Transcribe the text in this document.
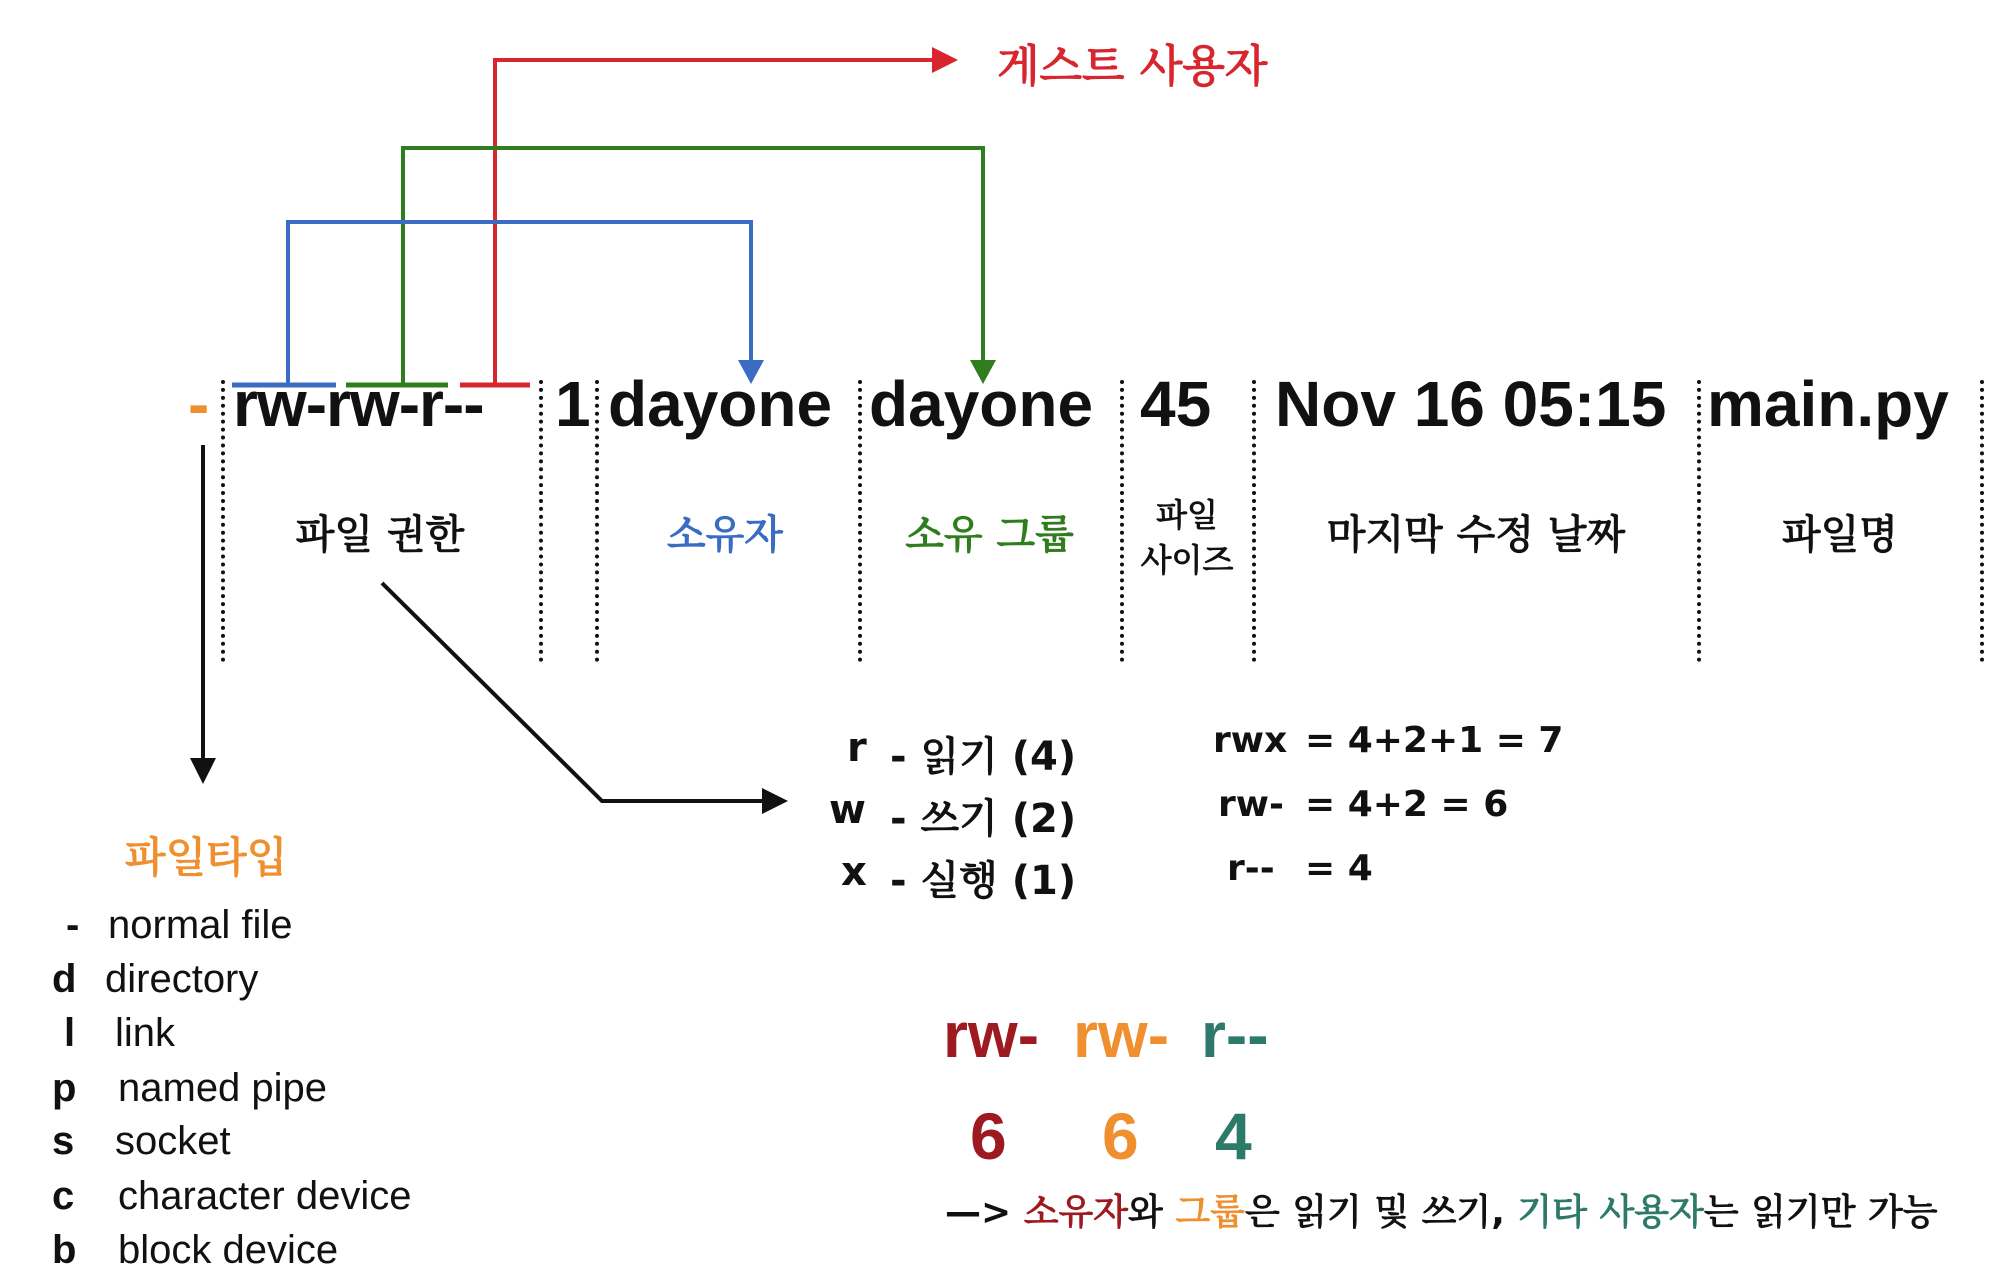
게스트 사용자
- rw-rw-r-- 1 dayone dayone 45 Nov 16 05:15 main.py
파일 권한	소유자	소유 그룹	파일
사이즈
마지막 수정 날짜	파일명
r - 읽기 (4)
w - 쓰기 (2)
x - 실행 (1)
rwx = 4+2+1 = 7
rw- = 4+2 = 6
r-- = 4
파일타입
- normal file
d directory
l link
p named pipe
s socket
c character device
b block device
rw- rw- r--
6 6 4
—> 소유자와 그룹은 읽기 및 쓰기, 기타 사용자는 읽기만 가능
